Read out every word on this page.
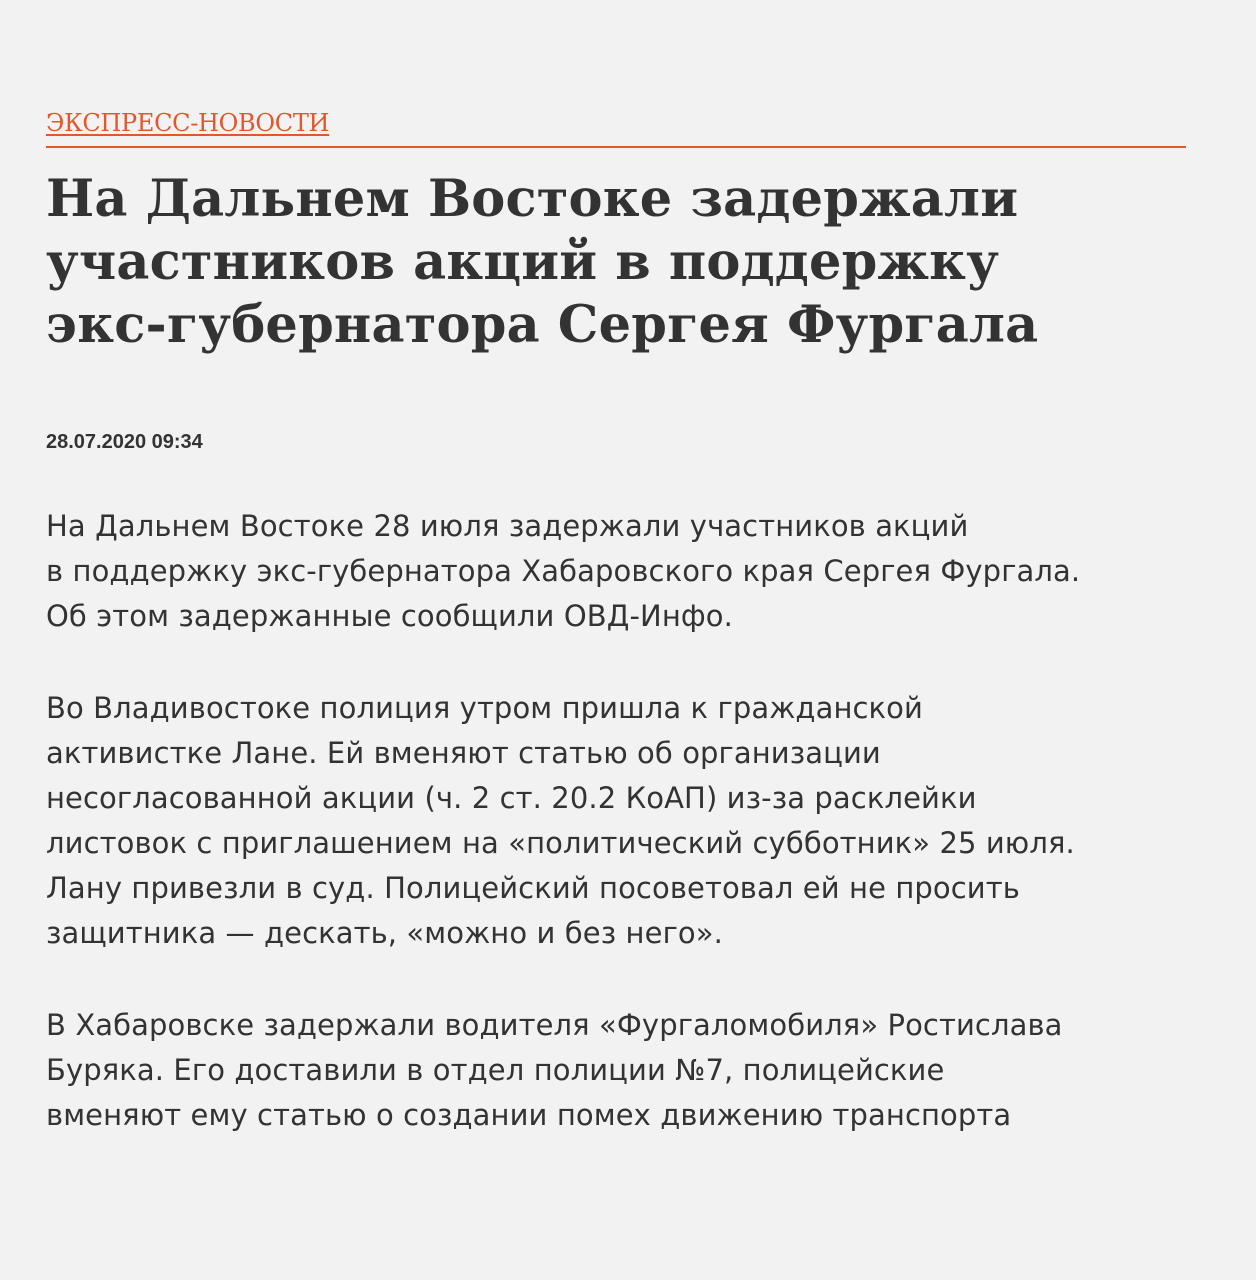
ЭКСПРЕСС-НОВОСТИ
На Дальнем Востоке задержали
участников акций в поддержку
экс-губернатора Сергея Фургала
28.07.2020 09:34

На Дальнем Востоке 28 июля задержали участников акций
в поддержку экс-губернатора Хабаровского края Сергея Фургала.
Об этом задержанные сообщили ОВД-Инфо.

Во Владивостоке полиция утром пришла к гражданской
активистке Лане. Ей вменяют статью об организации
несогласованной акции (ч. 2 ст. 20.2 КоАП) из-за расклейки
листовок с приглашением на «политический субботник» 25 июля.
Лану привезли в суд. Полицейский посоветовал ей не просить
защитника — дескать, «можно и без него».

В Хабаровске задержали водителя «Фургаломобиля» Ростислава
Буряка. Его доставили в отдел полиции №7, полицейские
вменяют ему статью о создании помех движению транспорта
